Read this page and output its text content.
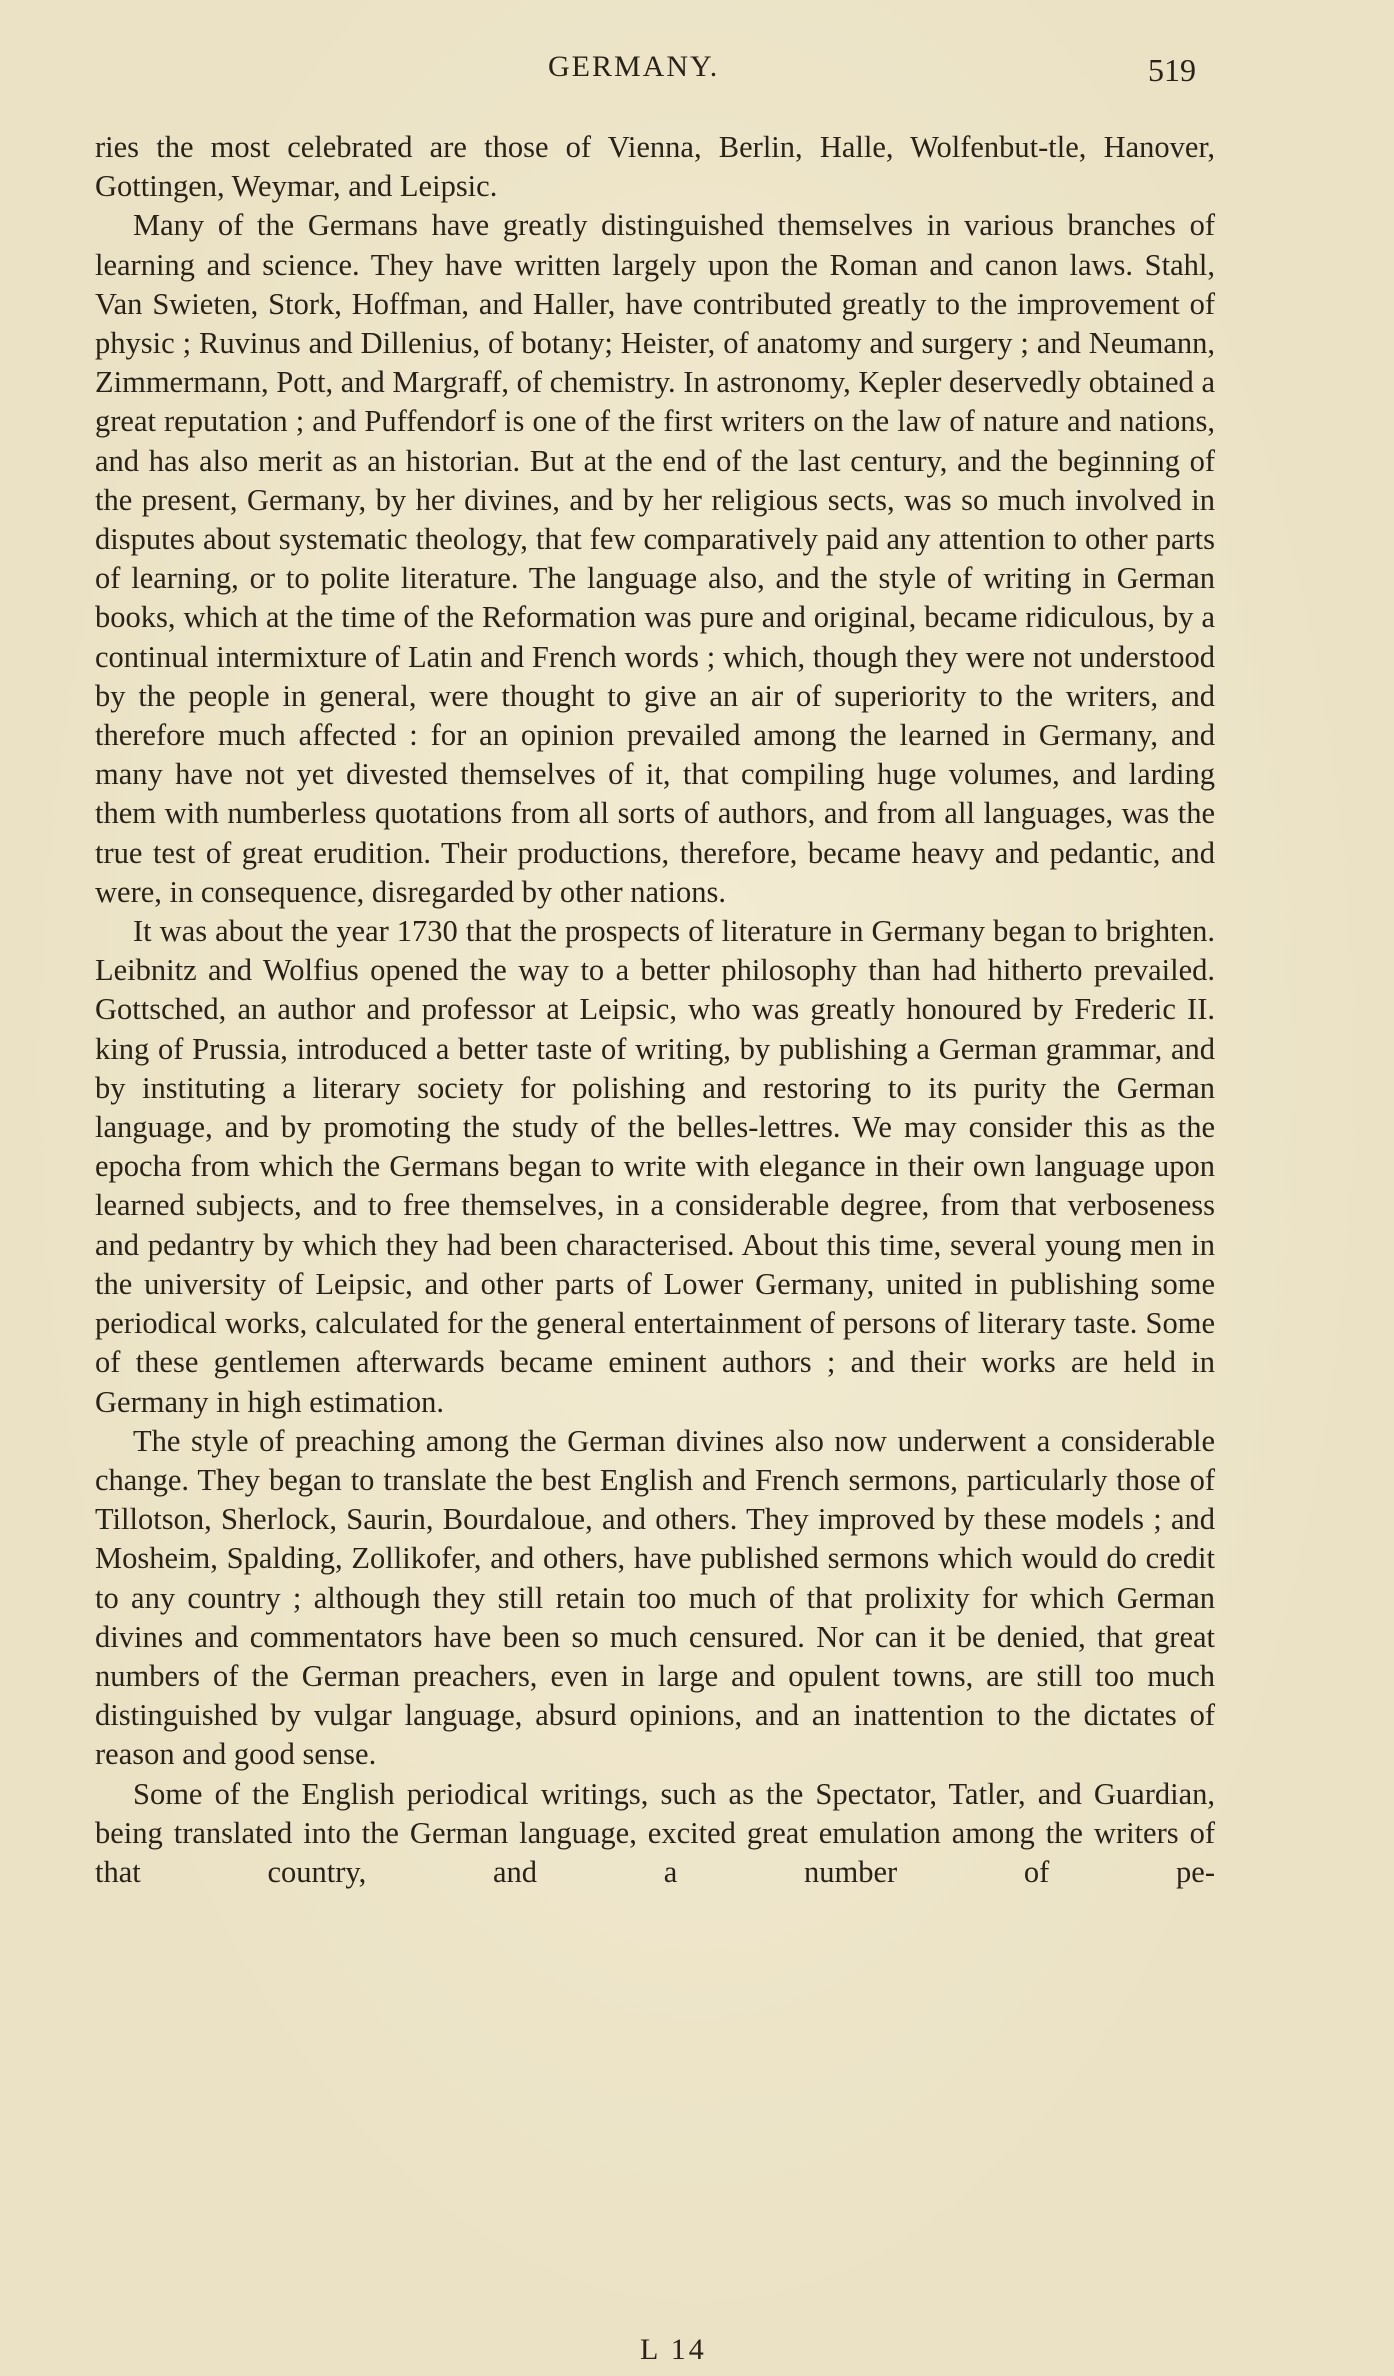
GERMANY.	519

ries the most celebrated are those of Vienna, Berlin, Halle, Wolfenbut-tle, Hanover, Gottingen, Weymar, and Leipsic.

Many of the Germans have greatly distinguished themselves in various branches of learning and science. They have written largely upon the Roman and canon laws. Stahl, Van Swieten, Stork, Hoffman, and Haller, have contributed greatly to the improvement of physic ; Ruvinus and Dillenius, of botany; Heister, of anatomy and surgery ; and Neumann, Zimmermann, Pott, and Margraff, of chemistry. In astronomy, Kepler deservedly obtained a great reputation ; and Puffendorf is one of the first writers on the law of nature and nations, and has also merit as an historian. But at the end of the last century, and the beginning of the present, Germany, by her divines, and by her religious sects, was so much involved in disputes about systematic theology, that few comparatively paid any attention to other parts of learning, or to polite literature. The language also, and the style of writing in German books, which at the time of the Reformation was pure and original, became ridiculous, by a continual intermixture of Latin and French words ; which, though they were not understood by the people in general, were thought to give an air of superiority to the writers, and therefore much affected : for an opinion prevailed among the learned in Germany, and many have not yet divested themselves of it, that compiling huge volumes, and larding them with numberless quotations from all sorts of authors, and from all languages, was the true test of great erudition. Their productions, therefore, became heavy and pedantic, and were, in consequence, disregarded by other nations.

It was about the year 1730 that the prospects of literature in Germany began to brighten. Leibnitz and Wolfius opened the way to a better philosophy than had hitherto prevailed. Gottsched, an author and professor at Leipsic, who was greatly honoured by Frederic II. king of Prussia, introduced a better taste of writing, by publishing a German grammar, and by instituting a literary society for polishing and restoring to its purity the German language, and by promoting the study of the belles-lettres. We may consider this as the epocha from which the Germans began to write with elegance in their own language upon learned subjects, and to free themselves, in a considerable degree, from that verboseness and pedantry by which they had been characterised. About this time, several young men in the university of Leipsic, and other parts of Lower Germany, united in publishing some periodical works, calculated for the general entertainment of persons of literary taste. Some of these gentlemen afterwards became eminent authors ; and their works are held in Germany in high estimation.

The style of preaching among the German divines also now underwent a considerable change. They began to translate the best English and French sermons, particularly those of Tillotson, Sherlock, Saurin, Bourdaloue, and others. They improved by these models ; and Mosheim, Spalding, Zollikofer, and others, have published sermons which would do credit to any country ; although they still retain too much of that prolixity for which German divines and commentators have been so much censured. Nor can it be denied, that great numbers of the German preachers, even in large and opulent towns, are still too much distinguished by vulgar language, absurd opinions, and an inattention to the dictates of reason and good sense.

Some of the English periodical writings, such as the Spectator, Tatler, and Guardian, being translated into the German language, excited great emulation among the writers of that country, and a number of pe-

L 14
